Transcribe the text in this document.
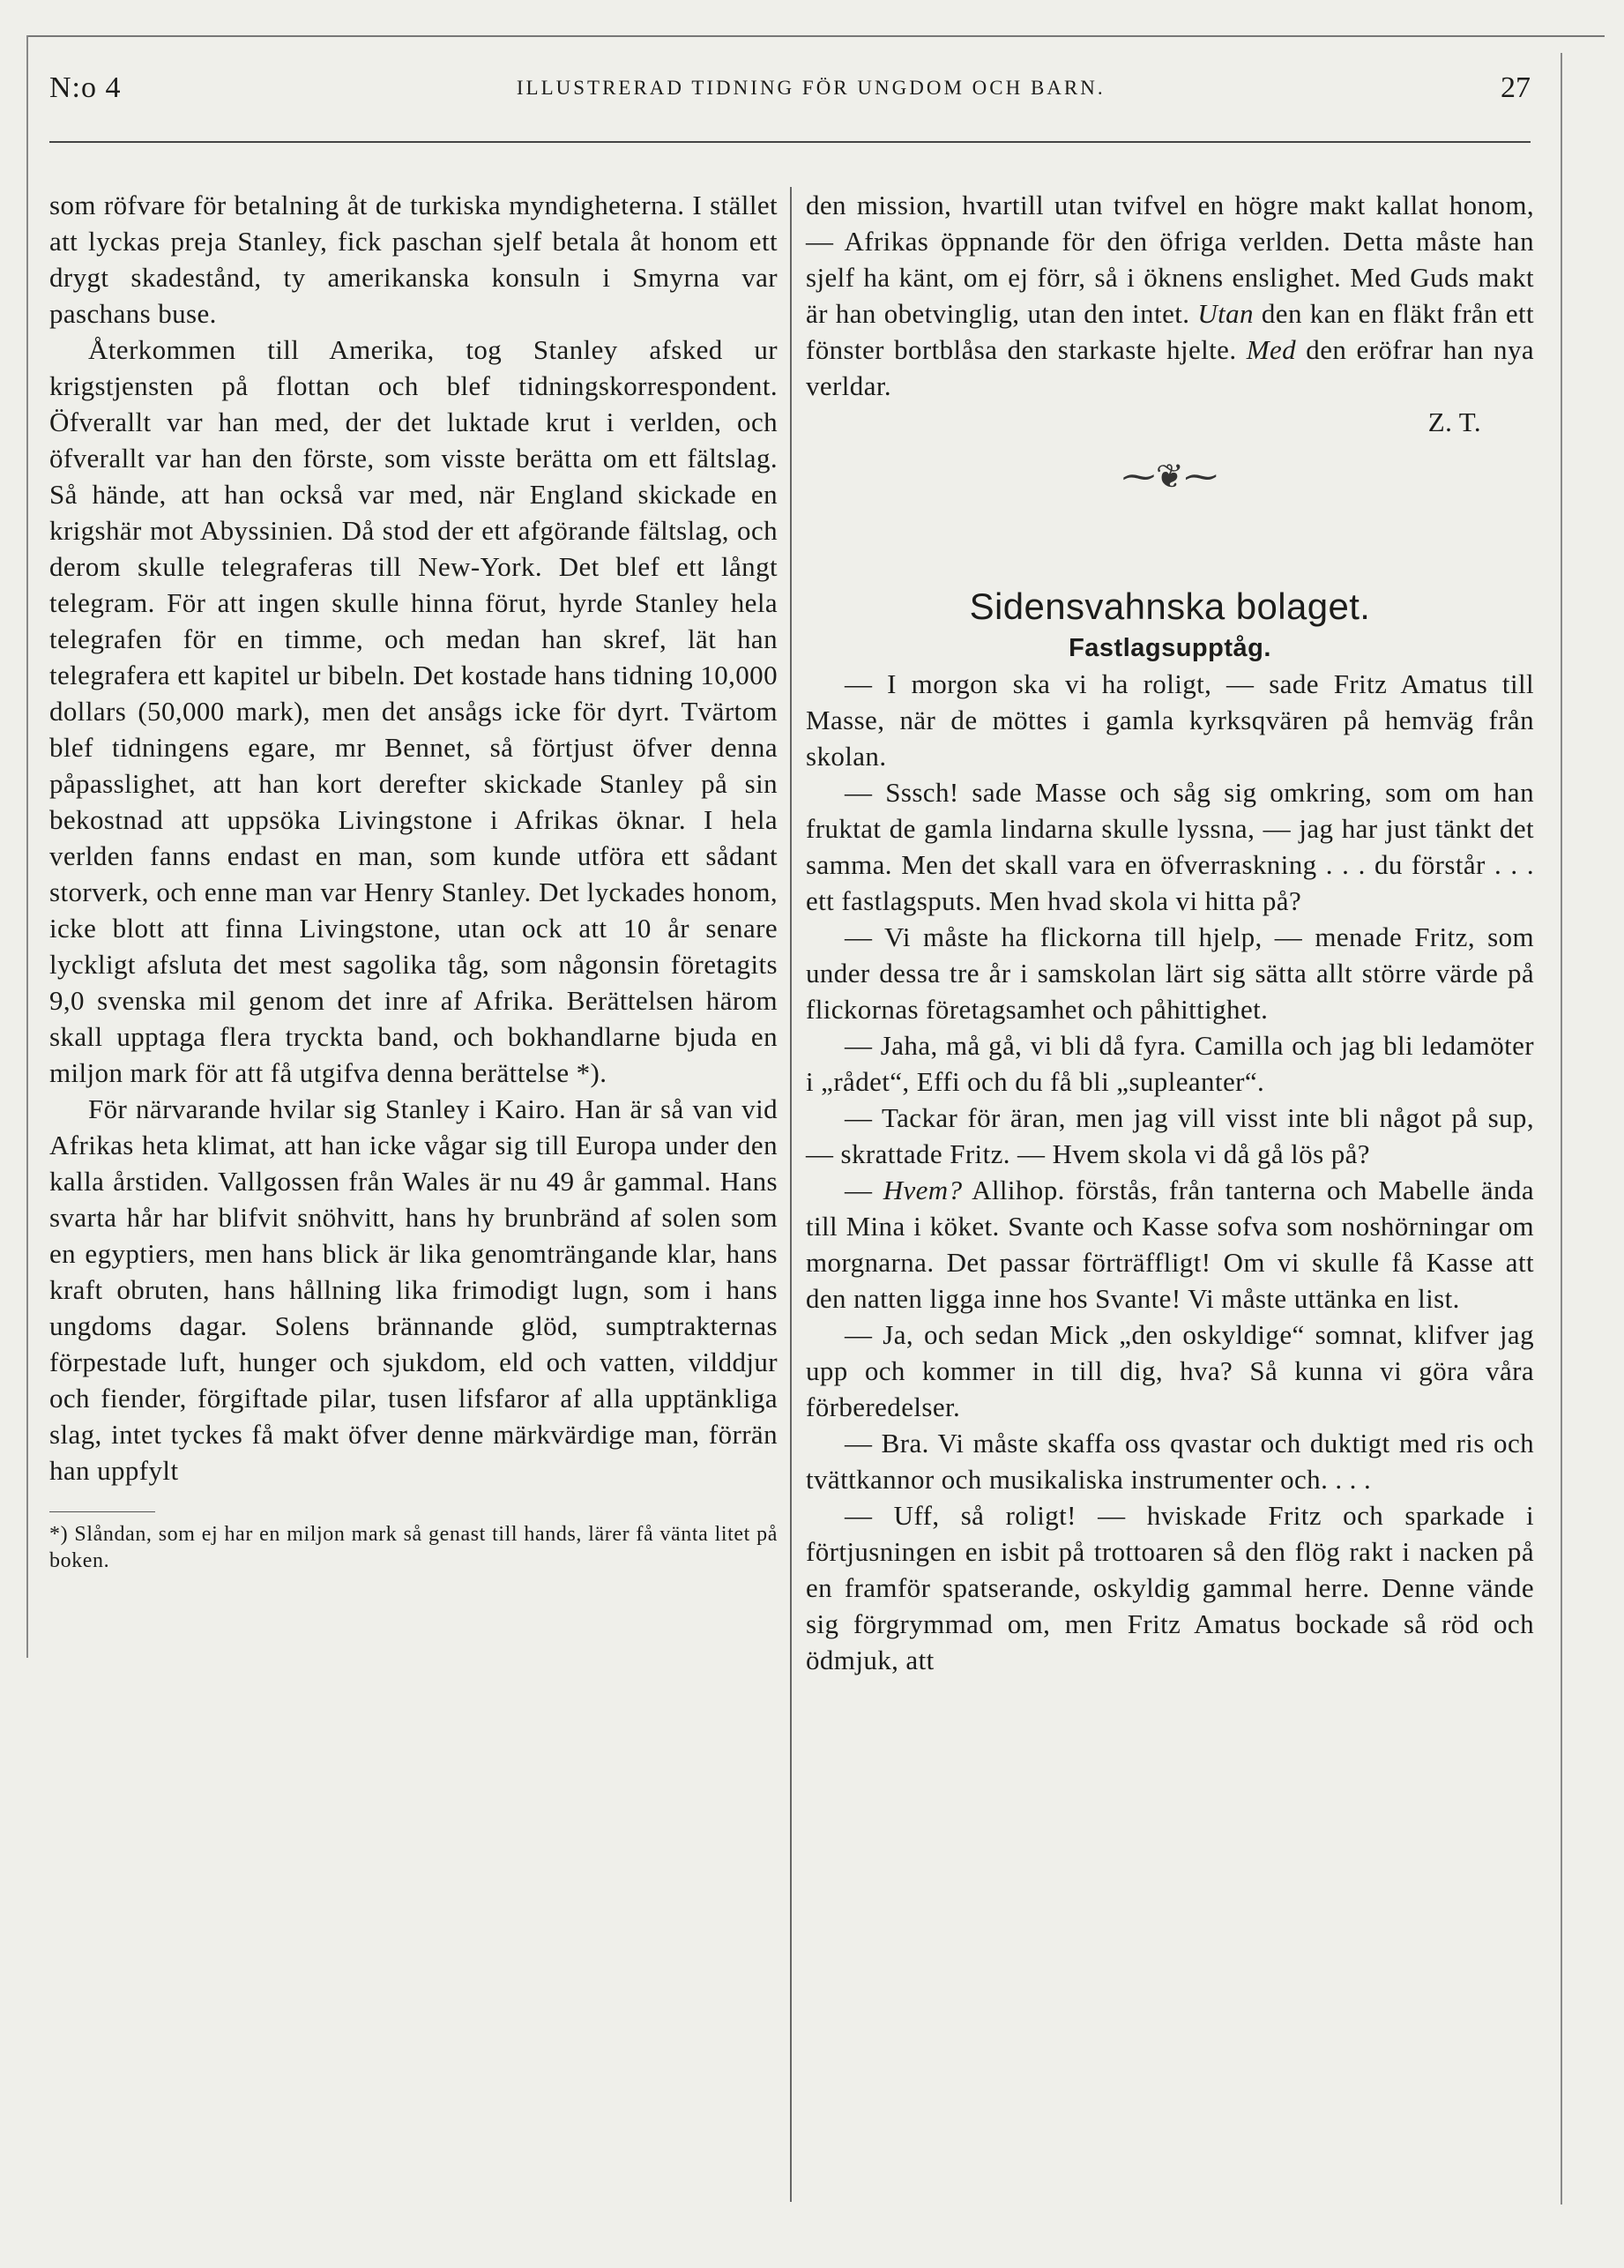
N:o 4	ILLUSTRERAD TIDNING FÖR UNGDOM OCH BARN.	27

som röfvare för betalning åt de turkiska myndigheterna. I stället att lyckas preja Stanley, fick paschan sjelf betala åt honom ett drygt skadestånd, ty amerikanska konsuln i Smyrna var paschans buse.

Återkommen till Amerika, tog Stanley afsked ur krigstjensten på flottan och blef tidningskorrespondent. Öfverallt var han med, der det luktade krut i verlden, och öfverallt var han den förste, som visste berätta om ett fältslag. Så hände, att han också var med, när England skickade en krigshär mot Abyssinien. Då stod der ett afgörande fältslag, och derom skulle telegraferas till New-York. Det blef ett långt telegram. För att ingen skulle hinna förut, hyrde Stanley hela telegrafen för en timme, och medan han skref, lät han telegrafera ett kapitel ur bibeln. Det kostade hans tidning 10,000 dollars (50,000 mark), men det ansågs icke för dyrt. Tvärtom blef tidningens egare, mr Bennet, så förtjust öfver denna påpasslighet, att han kort derefter skickade Stanley på sin bekostnad att uppsöka Livingstone i Afrikas öknar. I hela verlden fanns endast en man, som kunde utföra ett sådant storverk, och enne man var Henry Stanley. Det lyckades honom, icke blott att finna Livingstone, utan ock att 10 år senare lyckligt afsluta det mest sagolika tåg, som någonsin företagits 9,0 svenska mil genom det inre af Afrika. Berättelsen härom skall upptaga flera tryckta band, och bokhandlarne bjuda en miljon mark för att få utgifva denna berättelse *).

För närvarande hvilar sig Stanley i Kairo. Han är så van vid Afrikas heta klimat, att han icke vågar sig till Europa under den kalla årstiden. Vallgossen från Wales är nu 49 år gammal. Hans svarta hår har blifvit snöhvitt, hans hy brunbränd af solen som en egyptiers, men hans blick är lika genomträngande klar, hans kraft obruten, hans hållning lika frimodigt lugn, som i hans ungdoms dagar. Solens brännande glöd, sumptrakternas förpestade luft, hunger och sjukdom, eld och vatten, vilddjur och fiender, förgiftade pilar, tusen lifsfaror af alla upptänkliga slag, intet tyckes få makt öfver denne märkvärdige man, förrän han uppfylt

*) Slåndan, som ej har en miljon mark så genast till hands, lärer få vänta litet på boken.

den mission, hvartill utan tvifvel en högre makt kallat honom, — Afrikas öppnande för den öfriga verlden. Detta måste han sjelf ha känt, om ej förr, så i öknens enslighet. Med Guds makt är han obetvinglig, utan den intet. Utan den kan en fläkt från ett fönster bortblåsa den starkaste hjelte. Med den eröfrar han nya verldar.

Z. T.

⁓❦⁓

Sidensvahnska bolaget.

Fastlagsupptåg.

— I morgon ska vi ha roligt, — sade Fritz Amatus till Masse, när de möttes i gamla kyrksqvären på hemväg från skolan.

— Sssch! sade Masse och såg sig omkring, som om han fruktat de gamla lindarna skulle lyssna, — jag har just tänkt det samma. Men det skall vara en öfverraskning . . . du förstår . . . ett fastlagsputs. Men hvad skola vi hitta på?

— Vi måste ha flickorna till hjelp, — menade Fritz, som under dessa tre år i samskolan lärt sig sätta allt större värde på flickornas företagsamhet och påhittighet.

— Jaha, må gå, vi bli då fyra. Camilla och jag bli ledamöter i „rådet“, Effi och du få bli „supleanter“.

— Tackar för äran, men jag vill visst inte bli något på sup, — skrattade Fritz. — Hvem skola vi då gå lös på?

— Hvem? Allihop. förstås, från tanterna och Mabelle ända till Mina i köket. Svante och Kasse sofva som noshörningar om morgnarna. Det passar förträffligt! Om vi skulle få Kasse att den natten ligga inne hos Svante! Vi måste uttänka en list.

— Ja, och sedan Mick „den oskyldige“ somnat, klifver jag upp och kommer in till dig, hva? Så kunna vi göra våra förberedelser.

— Bra. Vi måste skaffa oss qvastar och duktigt med ris och tvättkannor och musikaliska instrumenter och. . . .

— Uff, så roligt! — hviskade Fritz och sparkade i förtjusningen en isbit på trottoaren så den flög rakt i nacken på en framför spatserande, oskyldig gammal herre. Denne vände sig förgrymmad om, men Fritz Amatus bockade så röd och ödmjuk, att
